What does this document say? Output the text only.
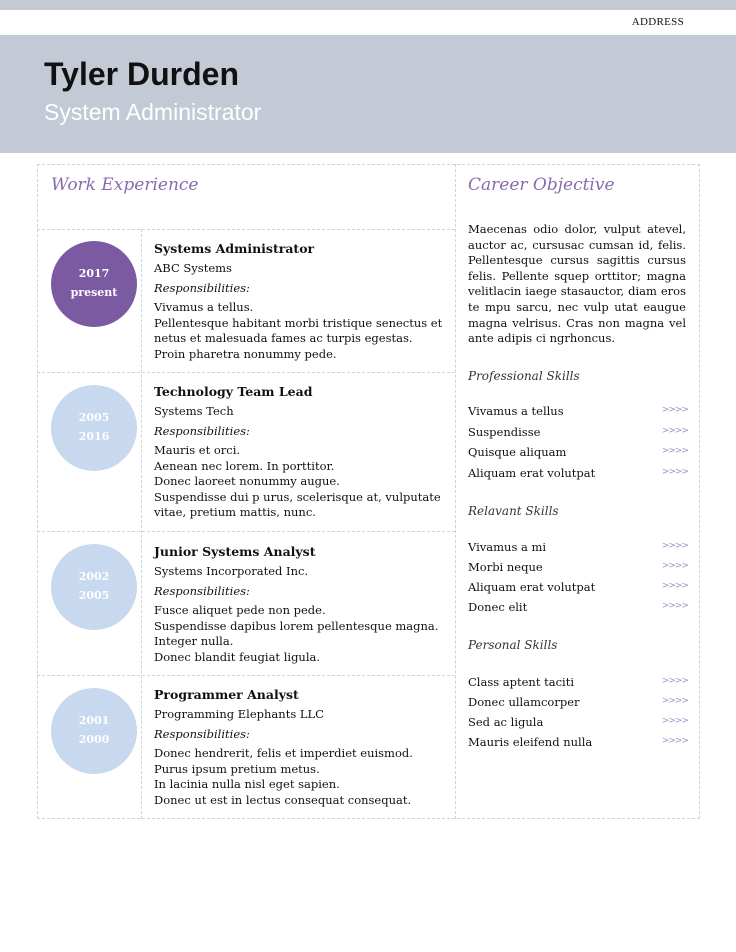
ADDRESS
Tyler Durden
System Administrator
Work Experience
2017
present
Systems Administrator
ABC Systems
Responsibilities:
Vivamus a tellus.
Pellentesque habitant morbi tristique senectus et
netus et malesuada fames ac turpis egestas.
Proin pharetra nonummy pede.
2005
2016
Technology Team Lead
Systems Tech
Responsibilities:
Mauris et orci.
Aenean nec lorem. In porttitor.
Donec laoreet nonummy augue.
Suspendisse dui p urus, scelerisque at, vulputate
vitae, pretium mattis, nunc.
2002
2005
Junior Systems Analyst
Systems Incorporated Inc.
Responsibilities:
Fusce aliquet pede non pede.
Suspendisse dapibus lorem pellentesque magna.
Integer nulla.
Donec blandit feugiat ligula.
2001
2000
Programmer Analyst
Programming Elephants LLC
Responsibilities:
Donec hendrerit, felis et imperdiet euismod.
Purus ipsum pretium metus.
In lacinia nulla nisl eget sapien.
Donec ut est in lectus consequat consequat.
Career Objective
Maecenas odio dolor, vulput atevel, auctor ac, cursusac cumsan id, felis. Pellentesque cursus sagittis cursus felis. Pellente squep orttitor; magna velitlacin iaege stasauctor, diam eros te mpu sarcu, nec vulp utat eaugue magna velrisus. Cras non magna vel ante adipis ci ngrhoncus.
Professional Skills
Vivamus a tellus	>>>>
Suspendisse	>>>>
Quisque aliquam	>>>>
Aliquam erat volutpat	>>>>
Relavant Skills
Vivamus a mi	>>>>
Morbi neque	>>>>
Aliquam erat volutpat	>>>>
Donec elit	>>>>
Personal Skills
Class aptent taciti	>>>>
Donec ullamcorper	>>>>
Sed ac ligula	>>>>
Mauris eleifend nulla	>>>>
